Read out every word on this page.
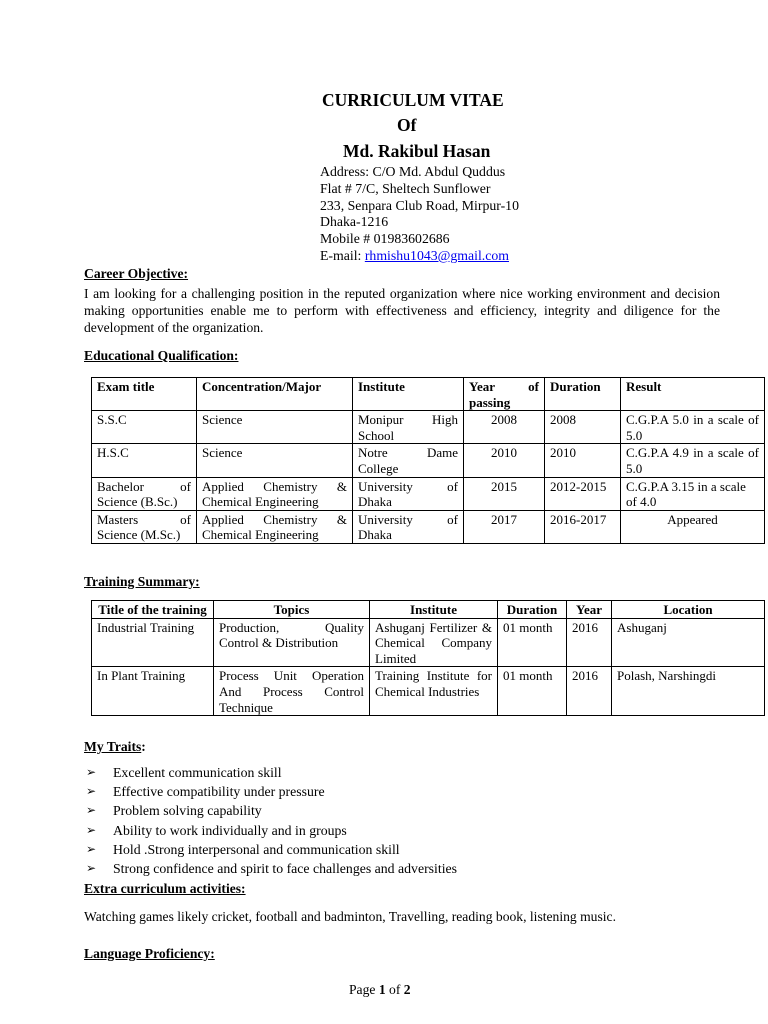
CURRICULUM VITAE
Of
Md. Rakibul Hasan
Address: C/O Md. Abdul Quddus
Flat # 7/C, Sheltech Sunflower
233, Senpara Club Road, Mirpur-10
Dhaka-1216
Mobile # 01983602686
E-mail: rhmishu1043@gmail.com
Career Objective:
I am looking for a challenging position in the reputed organization where nice working environment and decision making opportunities enable me to perform with effectiveness and efficiency, integrity and diligence for the development of the organization.
Educational Qualification:
Exam title	Concentration/Major	Institute	Year of passing	Duration	Result
S.S.C	Science	Monipur High School	2008	2008	C.G.P.A 5.0 in a scale of 5.0
H.S.C	Science	Notre Dame College	2010	2010	C.G.P.A 4.9 in a scale of 5.0
Bachelor of Science (B.Sc.)	Applied Chemistry & Chemical Engineering	University of Dhaka	2015	2012-2015	C.G.P.A 3.15 in a scale of 4.0
Masters of Science (M.Sc.)	Applied Chemistry & Chemical Engineering	University of Dhaka	2017	2016-2017	Appeared
Training Summary:
Title of the training	Topics	Institute	Duration	Year	Location
Industrial Training	Production, Quality Control & Distribution	Ashuganj Fertilizer & Chemical Company Limited	01 month	2016	Ashuganj
In Plant Training	Process Unit Operation And Process Control Technique	Training Institute for Chemical Industries	01 month	2016	Polash, Narshingdi
My Traits:
➢ Excellent communication skill
➢ Effective compatibility under pressure
➢ Problem solving capability
➢ Ability to work individually and in groups
➢ Hold .Strong interpersonal and communication skill
➢ Strong confidence and spirit to face challenges and adversities
Extra curriculum activities:
Watching games likely cricket, football and badminton, Travelling, reading book, listening music.
Language Proficiency:
Page 1 of 2
